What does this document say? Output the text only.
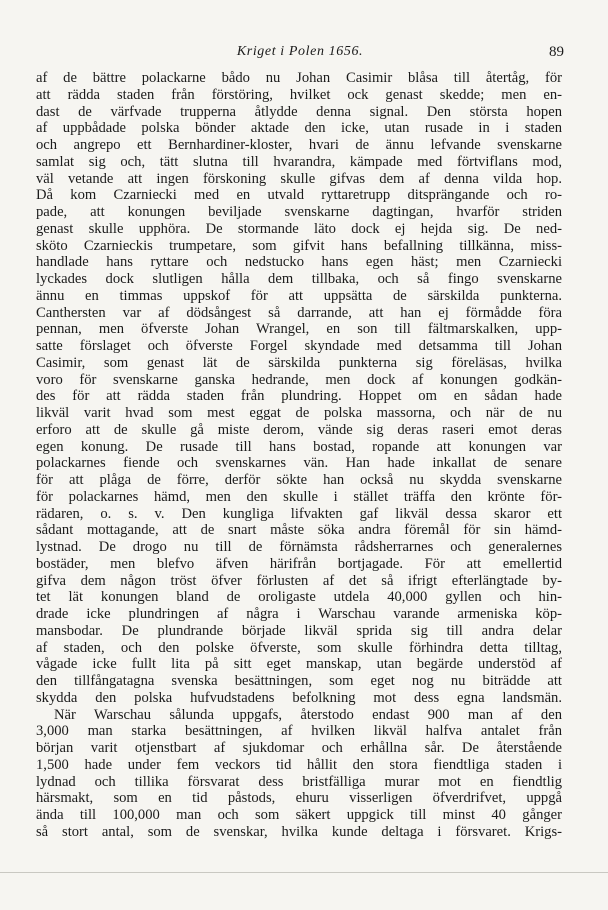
Kriget i Polen 1656.	89
af de bättre polackarne bådo nu Johan Casimir blåsa till återtåg, för
att rädda staden från förstöring, hvilket ock genast skedde; men en-
dast de värfvade trupperna åtlydde denna signal. Den största hopen
af uppbådade polska bönder aktade den icke, utan rusade in i staden
och angrepo ett Bernhardiner-kloster, hvari de ännu lefvande svenskarne
samlat sig och, tätt slutna till hvarandra, kämpade med förtviflans mod,
väl vetande att ingen förskoning skulle gifvas dem af denna vilda hop.
Då kom Czarniecki med en utvald ryttaretrupp ditsprängande och ro-
pade, att konungen beviljade svenskarne dagtingan, hvarför striden
genast skulle upphöra. De stormande läto dock ej hejda sig. De ned-
sköto Czarnieckis trumpetare, som gifvit hans befallning tillkänna, miss-
handlade hans ryttare och nedstucko hans egen häst; men Czarniecki
lyckades dock slutligen hålla dem tillbaka, och så fingo svenskarne
ännu en timmas uppskof för att uppsätta de särskilda punkterna.
Canthersten var af dödsångest så darrande, att han ej förmådde föra
pennan, men öfverste Johan Wrangel, en son till fältmarskalken, upp-
satte förslaget och öfverste Forgel skyndade med detsamma till Johan
Casimir, som genast lät de särskilda punkterna sig föreläsas, hvilka
voro för svenskarne ganska hedrande, men dock af konungen godkän-
des för att rädda staden från plundring. Hoppet om en sådan hade
likväl varit hvad som mest eggat de polska massorna, och när de nu
erforo att de skulle gå miste derom, vände sig deras raseri emot deras
egen konung. De rusade till hans bostad, ropande att konungen var
polackarnes fiende och svenskarnes vän. Han hade inkallat de senare
för att plåga de förre, derför sökte han också nu skydda svenskarne
för polackarnes hämd, men den skulle i stället träffa den krönte för-
rädaren, o. s. v. Den kungliga lifvakten gaf likväl dessa skaror ett
sådant mottagande, att de snart måste söka andra föremål för sin hämd-
lystnad. De drogo nu till de förnämsta rådsherrarnes och generalernes
bostäder, men blefvo äfven härifrån bortjagade. För att emellertid
gifva dem någon tröst öfver förlusten af det så ifrigt efterlängtade by-
tet lät konungen bland de oroligaste utdela 40,000 gyllen och hin-
drade icke plundringen af några i Warschau varande armeniska köp-
mansbodar. De plundrande började likväl sprida sig till andra delar
af staden, och den polske öfverste, som skulle förhindra detta tilltag,
vågade icke fullt lita på sitt eget manskap, utan begärde understöd af
den tillfångatagna svenska besättningen, som eget nog nu biträdde att
skydda den polska hufvudstadens befolkning mot dess egna landsmän.
När Warschau sålunda uppgafs, återstodo endast 900 man af den
3,000 man starka besättningen, af hvilken likväl halfva antalet från
början varit otjenstbart af sjukdomar och erhållna sår. De återstående
1,500 hade under fem veckors tid hållit den stora fiendtliga staden i
lydnad och tillika försvarat dess bristfälliga murar mot en fiendtlig
härsmakt, som en tid påstods, ehuru visserligen öfverdrifvet, uppgå
ända till 100,000 man och som säkert uppgick till minst 40 gånger
så stort antal, som de svenskar, hvilka kunde deltaga i försvaret. Krigs-
